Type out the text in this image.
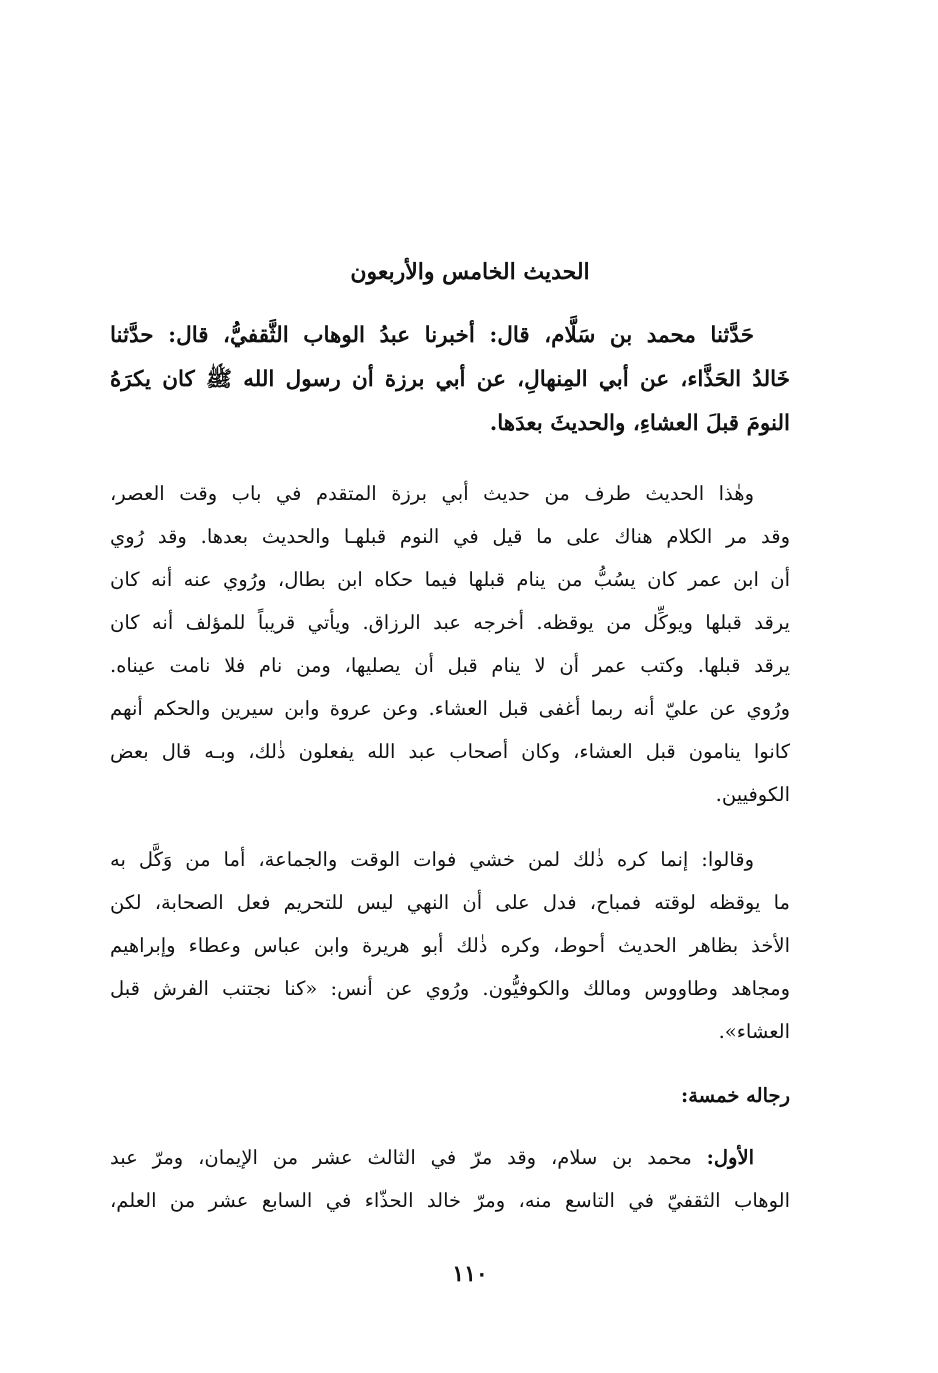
الحديث الخامس والأربعون
حَدَّثنا محمد بن سَلَّام، قال: أخبرنا عبدُ الوهاب الثَّقفيُّ، قال: حدَّثنا
خَالدُ الحَذَّاء، عن أبي المِنهالِ، عن أبي برزة أن رسول الله ﷺ كان يكرَهُ
النومَ قبلَ العشاءِ، والحديثَ بعدَها.
وهٰذا الحديث طرف من حديث أبي برزة المتقدم في باب وقت العصر،
وقد مر الكلام هناك على ما قيل في النوم قبلهـا والحديث بعدها. وقد رُوي
أن ابن عمر كان يسُبُّ من ينام قبلها فيما حكاه ابن بطال، ورُوي عنه أنه كان
يرقد قبلها ويوكِّل من يوقظه. أخرجه عبد الرزاق. ويأتي قريباً للمؤلف أنه كان
يرقد قبلها. وكتب عمر أن لا ينام قبل أن يصليها، ومن نام فلا نامت عيناه.
ورُوي عن عليّ أنه ربما أغفى قبل العشاء. وعن عروة وابن سيرين والحكم أنهم
كانوا ينامون قبل العشاء، وكان أصحاب عبد الله يفعلون ذٰلك، وبـه قال بعض
الكوفيين.
وقالوا: إنما كره ذٰلك لمن خشي فوات الوقت والجماعة، أما من وَكَّل به
ما يوقظه لوقته فمباح، فدل على أن النهي ليس للتحريم فعل الصحابة، لكن
الأخذ بظاهر الحديث أحوط، وكره ذٰلك أبو هريرة وابن عباس وعطاء وإبراهيم
ومجاهد وطاووس ومالك والكوفيُّون. ورُوي عن أنس: «كنا نجتنب الفرش قبل
العشاء».
رجاله خمسة:
الأول: محمد بن سلام، وقد مرّ في الثالث عشر من الإيمان، ومرّ عبد
الوهاب الثقفيّ في التاسع منه، ومرّ خالد الحذّاء في السابع عشر من العلم،
١١٠
